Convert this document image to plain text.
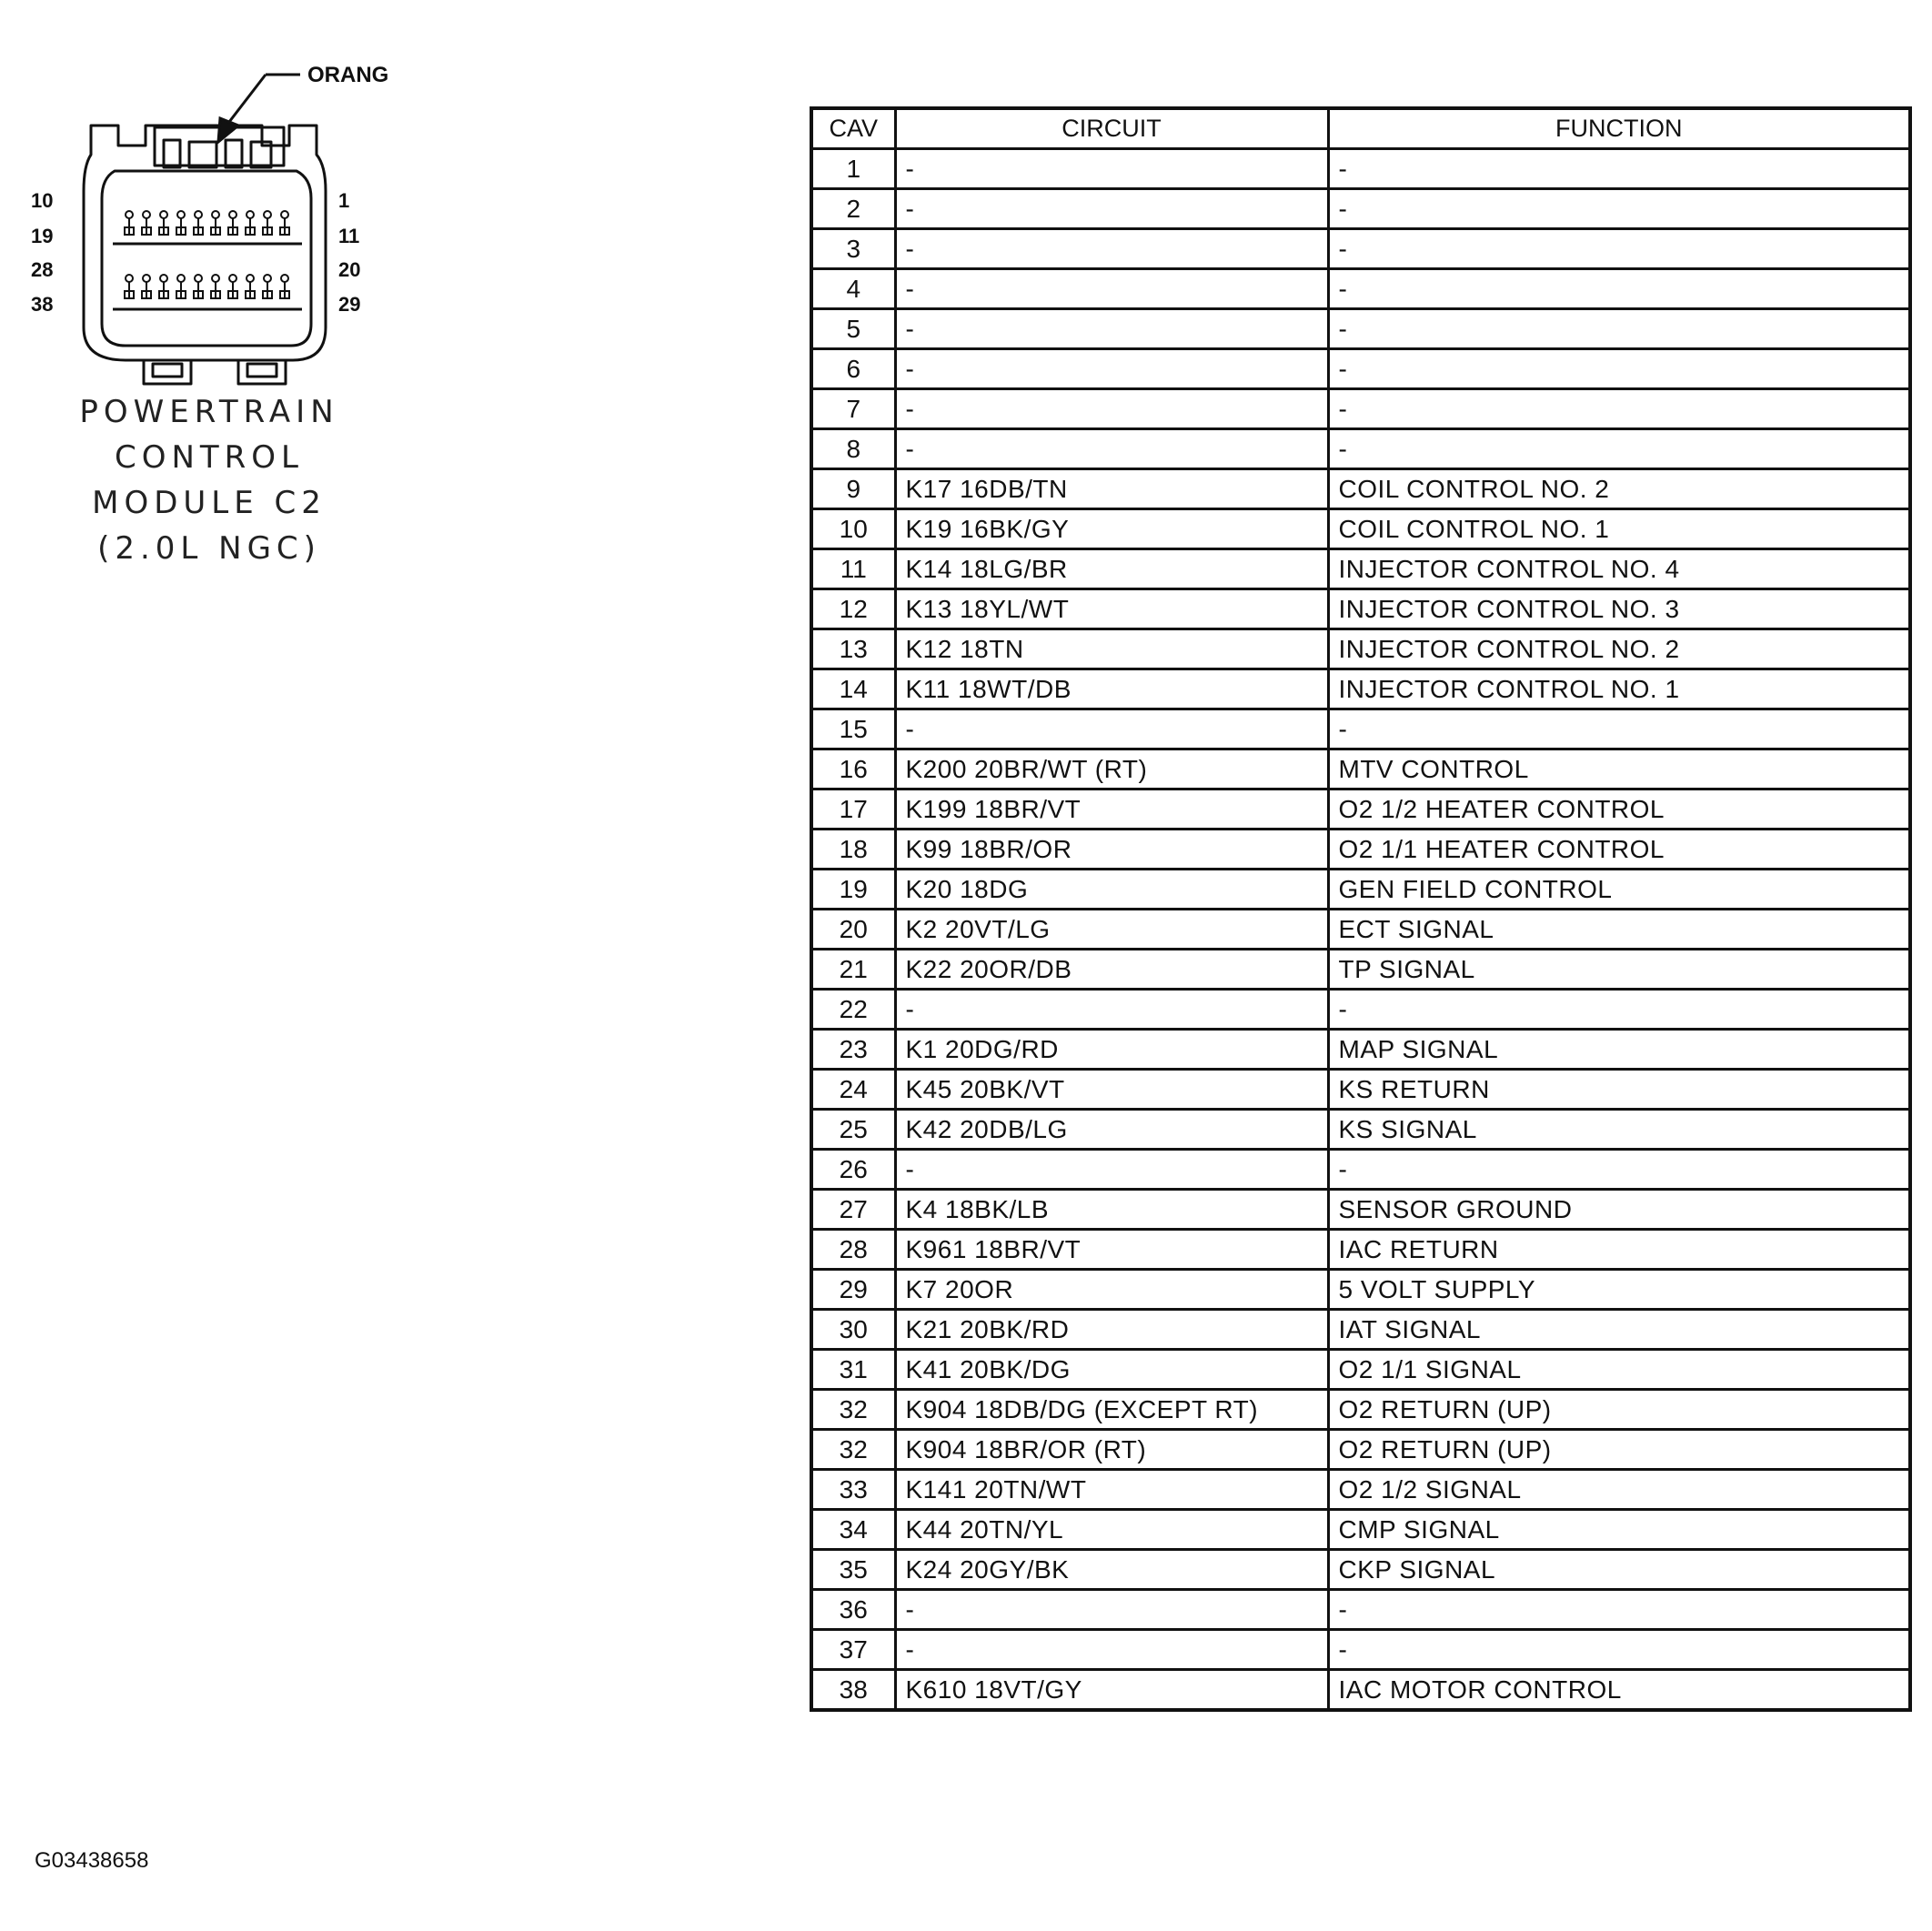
ORANG
10
19
28
38
1
11
20
29
POWERTRAIN
CONTROL
MODULE C2
(2.0L NGC)
CAV	CIRCUIT	FUNCTION
1	-	-
2	-	-
3	-	-
4	-	-
5	-	-
6	-	-
7	-	-
8	-	-
9	K17 16DB/TN	COIL CONTROL NO. 2
10	K19 16BK/GY	COIL CONTROL NO. 1
11	K14 18LG/BR	INJECTOR CONTROL NO. 4
12	K13 18YL/WT	INJECTOR CONTROL NO. 3
13	K12 18TN	INJECTOR CONTROL NO. 2
14	K11 18WT/DB	INJECTOR CONTROL NO. 1
15	-	-
16	K200 20BR/WT (RT)	MTV CONTROL
17	K199 18BR/VT	O2 1/2 HEATER CONTROL
18	K99 18BR/OR	O2 1/1 HEATER CONTROL
19	K20 18DG	GEN FIELD CONTROL
20	K2 20VT/LG	ECT SIGNAL
21	K22 20OR/DB	TP SIGNAL
22	-	-
23	K1 20DG/RD	MAP SIGNAL
24	K45 20BK/VT	KS RETURN
25	K42 20DB/LG	KS SIGNAL
26	-	-
27	K4 18BK/LB	SENSOR GROUND
28	K961 18BR/VT	IAC RETURN
29	K7 20OR	5 VOLT SUPPLY
30	K21 20BK/RD	IAT SIGNAL
31	K41 20BK/DG	O2 1/1 SIGNAL
32	K904 18DB/DG (EXCEPT RT)	O2 RETURN (UP)
32	K904 18BR/OR (RT)	O2 RETURN (UP)
33	K141 20TN/WT	O2 1/2 SIGNAL
34	K44 20TN/YL	CMP SIGNAL
35	K24 20GY/BK	CKP SIGNAL
36	-	-
37	-	-
38	K610 18VT/GY	IAC MOTOR CONTROL
G03438658
